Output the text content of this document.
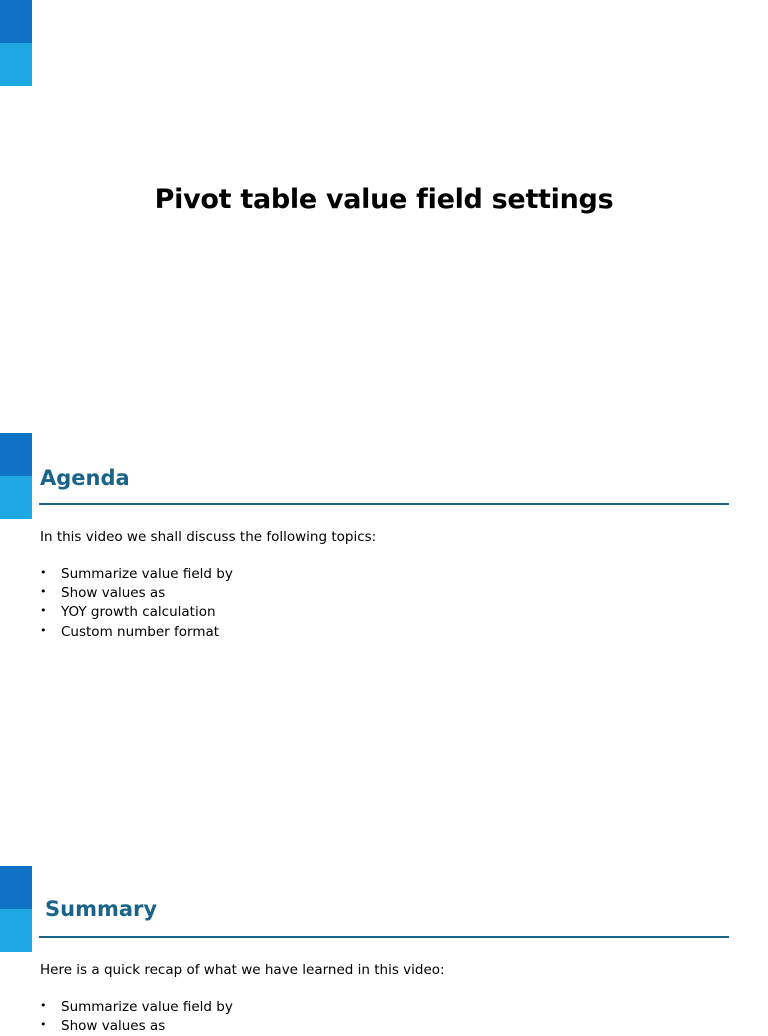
Pivot table value field settings
Agenda
In this video we shall discuss the following topics:
• Summarize value field by
• Show values as
• YOY growth calculation
• Custom number format
Summary
Here is a quick recap of what we have learned in this video:
• Summarize value field by
• Show values as
